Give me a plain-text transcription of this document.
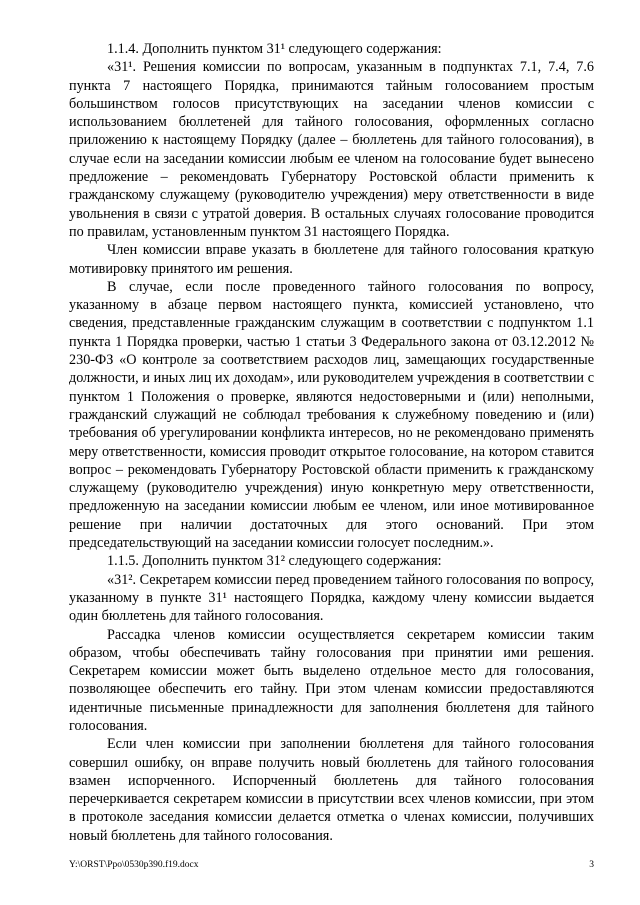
1.1.4. Дополнить пунктом 31¹ следующего содержания:

«31¹. Решения комиссии по вопросам, указанным в подпунктах 7.1, 7.4, 7.6 пункта 7 настоящего Порядка, принимаются тайным голосованием простым большинством голосов присутствующих на заседании членов комиссии с использованием бюллетеней для тайного голосования, оформленных согласно приложению к настоящему Порядку (далее – бюллетень для тайного голосования), в случае если на заседании комиссии любым ее членом на голосование будет вынесено предложение – рекомендовать Губернатору Ростовской области применить к гражданскому служащему (руководителю учреждения) меру ответственности в виде увольнения в связи с утратой доверия. В остальных случаях голосование проводится по правилам, установленным пунктом 31 настоящего Порядка.

Член комиссии вправе указать в бюллетене для тайного голосования краткую мотивировку принятого им решения.

В случае, если после проведенного тайного голосования по вопросу, указанному в абзаце первом настоящего пункта, комиссией установлено, что сведения, представленные гражданским служащим в соответствии с подпунктом 1.1 пункта 1 Порядка проверки, частью 1 статьи 3 Федерального закона от 03.12.2012 № 230-ФЗ «О контроле за соответствием расходов лиц, замещающих государственные должности, и иных лиц их доходам», или руководителем учреждения в соответствии с пунктом 1 Положения о проверке, являются недостоверными и (или) неполными, гражданский служащий не соблюдал требования к служебному поведению и (или) требования об урегулировании конфликта интересов, но не рекомендовано применять меру ответственности, комиссия проводит открытое голосование, на котором ставится вопрос – рекомендовать Губернатору Ростовской области применить к гражданскому служащему (руководителю учреждения) иную конкретную меру ответственности, предложенную на заседании комиссии любым ее членом, или иное мотивированное решение при наличии достаточных для этого оснований. При этом председательствующий на заседании комиссии голосует последним.».

1.1.5. Дополнить пунктом 31² следующего содержания:

«31². Секретарем комиссии перед проведением тайного голосования по вопросу, указанному в пункте 31¹ настоящего Порядка, каждому члену комиссии выдается один бюллетень для тайного голосования.

Рассадка членов комиссии осуществляется секретарем комиссии таким образом, чтобы обеспечивать тайну голосования при принятии ими решения. Секретарем комиссии может быть выделено отдельное место для голосования, позволяющее обеспечить его тайну. При этом членам комиссии предоставляются идентичные письменные принадлежности для заполнения бюллетеня для тайного голосования.

Если член комиссии при заполнении бюллетеня для тайного голосования совершил ошибку, он вправе получить новый бюллетень для тайного голосования взамен испорченного. Испорченный бюллетень для тайного голосования перечеркивается секретарем комиссии в присутствии всех членов комиссии, при этом в протоколе заседания комиссии делается отметка о членах комиссии, получивших новый бюллетень для тайного голосования.

Y:\ORST\Ppo\0530p390.f19.docx	3
